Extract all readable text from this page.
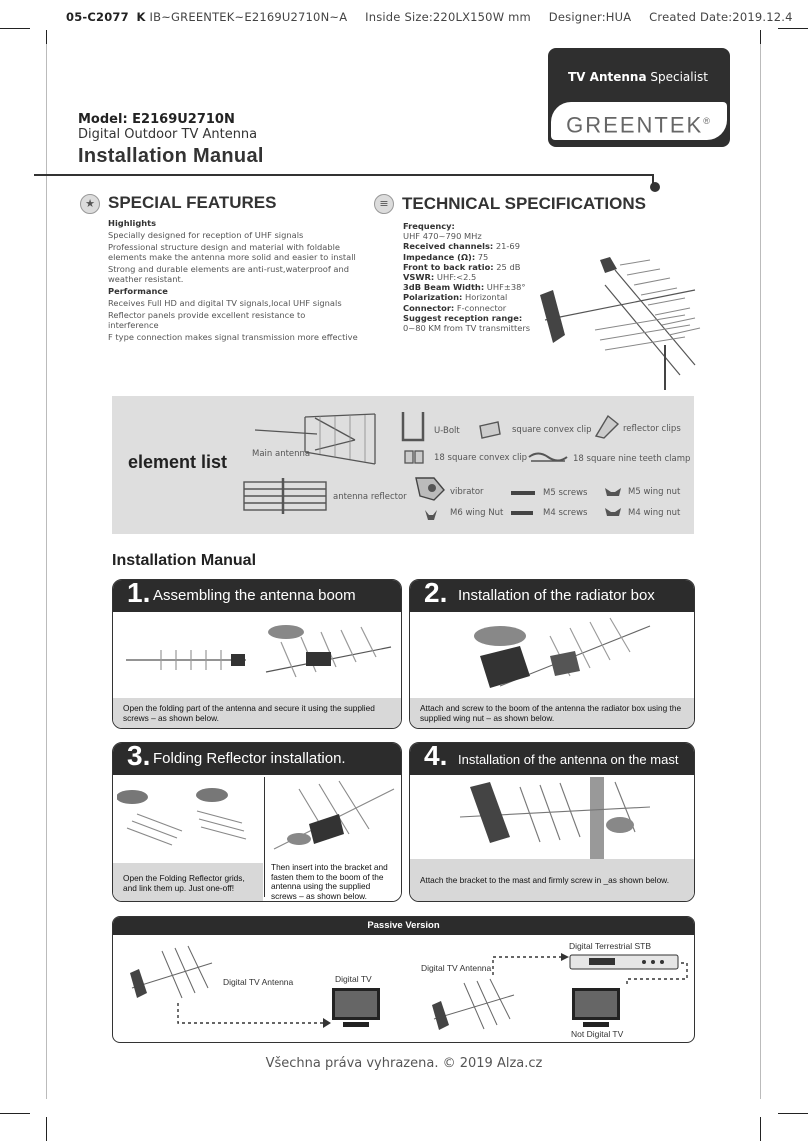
05-C2077 K IB~GREENTEK~E2169U2710N~A Inside Size:220LX150W mm Designer:HUA Created Date:2019.12.4
TV Antenna Specialist
GREENTEK®
Model: E2169U2710N
Digital Outdoor TV Antenna
Installation Manual
★ SPECIAL FEATURES

Highlights

Specially designed for reception of UHF signals

Professional structure design and material with foldable elements make the antenna more solid and easier to install

Strong and durable elements are anti-rust,waterproof and weather resistant.

Performance

Receives Full HD and digital TV signals,local UHF signals

Reflector panels provide excellent resistance to interference

F type connection makes signal transmission more effective

≡ TECHNICAL SPECIFICATIONS
Frequency:
UHF 470~790 MHz
Received channels: 21-69
Impedance (Ω): 75
Front to back ratio: 25 dB
VSWR: UHF:<2.5
3dB Beam Width: UHF±38°
Polarization: Horizontal
Connector: F-connector
Suggest reception range:
0~80 KM from TV transmitters
element list	Main antenna
antenna reflector
U-Bolt	square convex clip	reflector clips
18 square convex clip	18 square nine teeth clamp
vibrator	M5 screws	M5 wing nut
M6 wing Nut	M4 screws	M4 wing nut
Installation Manual
1. Assembling the antenna boom
Open the folding part of the antenna and secure it using the supplied screws – as shown below.
2. Installation of the radiator box
Attach and screw to the boom of the antenna the radiator box using the supplied wing nut – as shown below.
3. Folding Reflector installation.
Open the Folding Reflector grids, and link them up. Just one-off!
Then insert into the bracket and fasten them to the boom of the antenna using the supplied screws – as shown below.
4. Installation of the antenna on the mast
Attach the bracket to the mast and firmly screw in _as shown below.
Passive Version
Digital TV Antenna	Digital TV
Digital TV Antenna
Digital Terrestrial STB
Not Digital TV
Všechna práva vyhrazena. © 2019 Alza.cz
